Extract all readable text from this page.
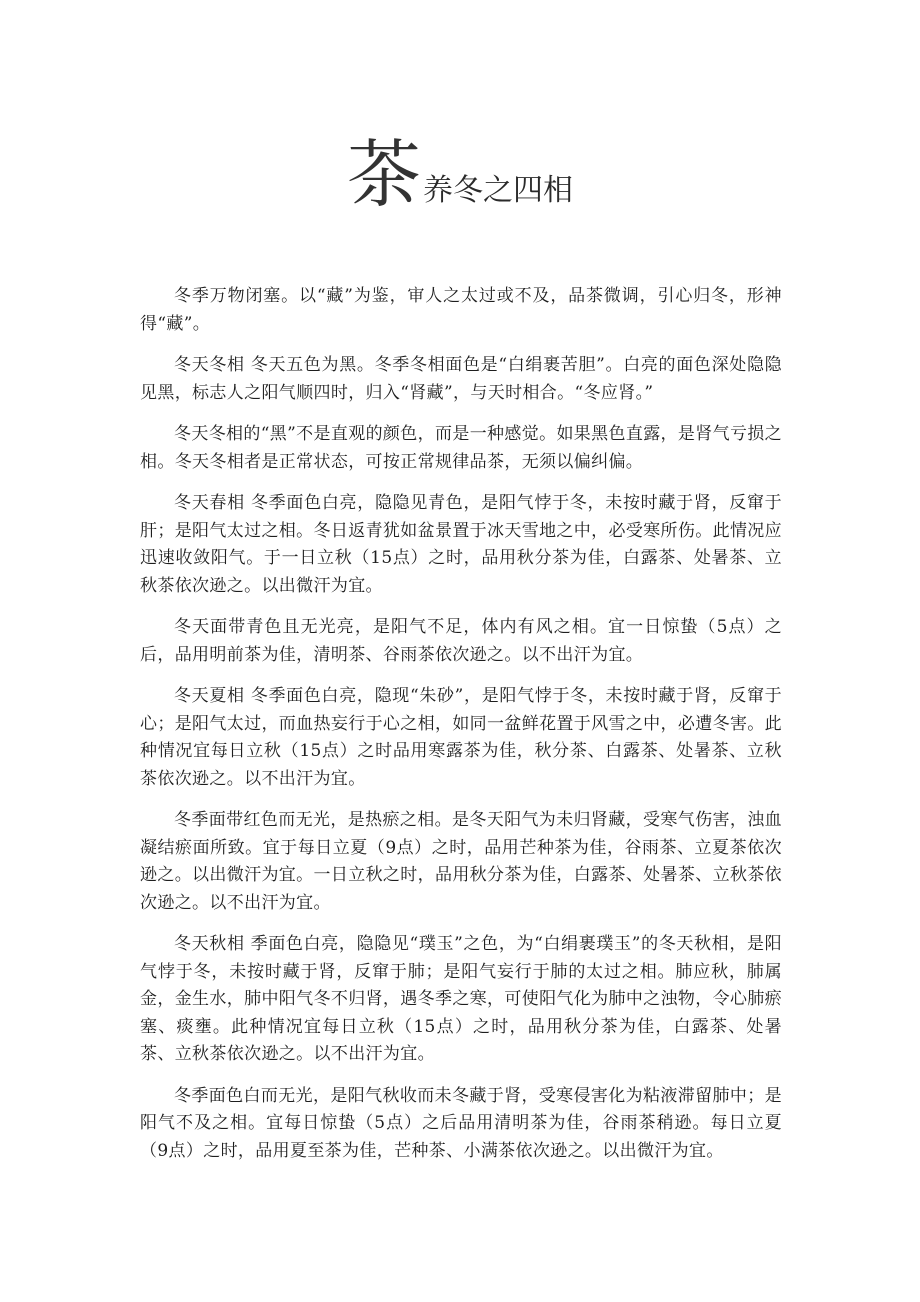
茶养冬之四相

冬季万物闭塞。以“藏”为鉴，审人之太过或不及，品茶微调，引心归冬，形神得“藏”。

冬天冬相 冬天五色为黑。冬季冬相面色是“白绢裹苦胆”。白亮的面色深处隐隐见黑，标志人之阳气顺四时，归入“肾藏”，与天时相合。“冬应肾。”

冬天冬相的“黑”不是直观的颜色，而是一种感觉。如果黑色直露，是肾气亏损之相。冬天冬相者是正常状态，可按正常规律品茶，无须以偏纠偏。

冬天春相 冬季面色白亮，隐隐见青色，是阳气悖于冬，未按时藏于肾，反窜于肝；是阳气太过之相。冬日返青犹如盆景置于冰天雪地之中，必受寒所伤。此情况应迅速收敛阳气。于一日立秋（15点）之时，品用秋分茶为佳，白露茶、处暑茶、立秋茶依次逊之。以出微汗为宜。

冬天面带青色且无光亮，是阳气不足，体内有风之相。宜一日惊蛰（5点）之后，品用明前茶为佳，清明茶、谷雨茶依次逊之。以不出汗为宜。

冬天夏相 冬季面色白亮，隐现“朱砂”，是阳气悖于冬，未按时藏于肾，反窜于心；是阳气太过，而血热妄行于心之相，如同一盆鲜花置于风雪之中，必遭冬害。此种情况宜每日立秋（15点）之时品用寒露茶为佳，秋分茶、白露茶、处暑茶、立秋茶依次逊之。以不出汗为宜。

冬季面带红色而无光，是热瘀之相。是冬天阳气为未归肾藏，受寒气伤害，浊血凝结瘀面所致。宜于每日立夏（9点）之时，品用芒种茶为佳，谷雨茶、立夏茶依次逊之。以出微汗为宜。一日立秋之时，品用秋分茶为佳，白露茶、处暑茶、立秋茶依次逊之。以不出汗为宜。

冬天秋相 季面色白亮，隐隐见“璞玉”之色，为“白绢裹璞玉”的冬天秋相，是阳气悖于冬，未按时藏于肾，反窜于肺；是阳气妄行于肺的太过之相。肺应秋，肺属金，金生水，肺中阳气冬不归肾，遇冬季之寒，可使阳气化为肺中之浊物，令心肺瘀塞、痰壅。此种情况宜每日立秋（15点）之时，品用秋分茶为佳，白露茶、处暑茶、立秋茶依次逊之。以不出汗为宜。

冬季面色白而无光，是阳气秋收而未冬藏于肾，受寒侵害化为粘液滞留肺中；是阳气不及之相。宜每日惊蛰（5点）之后品用清明茶为佳，谷雨茶稍逊。每日立夏（9点）之时，品用夏至茶为佳，芒种茶、小满茶依次逊之。以出微汗为宜。
